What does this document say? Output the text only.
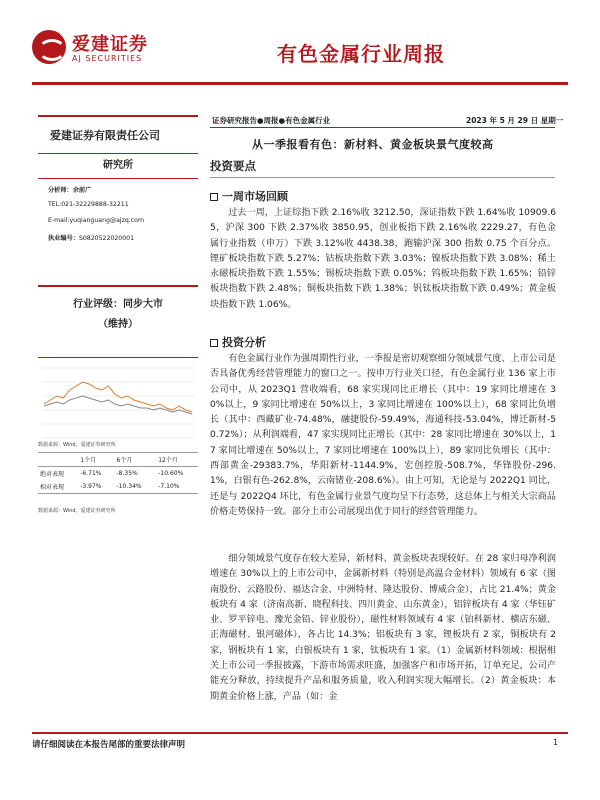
爱建证券
AJ SECURITIES	有色金属行业周报
证券研究报告●周报●有色金属行业	2023 年 5 月 29 日 星期一
从一季报看有色：新材料、黄金板块景气度较高
投资要点
爱建证券有限责任公司
研究所
分析师：余前广
TEL:021-32229888-32211
E-mail:yuqianguang@ajzq.com
执业编号：S0820522020001
行业评级：同步大市
（维持）
数据来源：Wind，爱建证券研究所
	1个月	6个月	12个月
绝对表现	-6.71%	-8.35%	-10.60%
相对表现	-3.97%	-10.34%	-7.10%
数据来源：Wind，爱建证券研究所
一周市场回顾
过去一周，上证综指下跌 2.16%收 3212.50，深证指数下跌 1.64%收 10909.65，沪深 300 下跌 2.37%收 3850.95，创业板指下跌 2.16%收 2229.27，有色金属行业指数（申万）下跌 3.12%收 4438.38，跑输沪深 300 指数 0.75 个百分点。锂矿板块指数下跌 5.27%；钴板块指数下跌 3.03%；镍板块指数下跌 3.08%；稀土永磁板块指数下跌 1.55%；锡板块指数下跌 0.05%；钨板块指数下跌 1.65%；铅锌板块指数下跌 2.48%；铜板块指数下跌 1.38%；钒钛板块指数下跌 0.49%；黄金板块指数下跌 1.06%。
投资分析
有色金属行业作为强周期性行业，一季报是密切观察细分领域景气度、上市公司是否具备优秀经营管理能力的窗口之一。按申万行业关口径，有色金属行业 136 家上市公司中，从 2023Q1 营收端看，68 家实现同比正增长（其中：19 家同比增速在 30%以上，9 家同比增速在 50%以上，3 家同比增速在 100%以上），68 家同比负增长（其中：西藏矿业-74.48%，融捷股份-59.49%，海通科技-53.04%，博迁新材-50.72%）；从利润端看，47 家实现同比正增长（其中：28 家同比增速在 30%以上，17 家同比增速在 50%以上，7 家同比增速在 100%以上），89 家同比负增长（其中：西部黄金-29383.7%，华阳新材-1144.9%，宏创控股-508.7%，华锋股份-296.1%，白银有色-262.8%，云南锗业-208.6%）。由上可知，无论是与 2022Q1 同比，还是与 2022Q4 环比，有色金属行业景气度均呈下行态势，这总体上与相关大宗商品价格走势保持一致。部分上市公司展现出优于同行的经营管理能力。
细分领域景气度存在较大差异，新材料、黄金板块表现较好。在 28 家归母净利润增速在 30%以上的上市公司中，金属新材料（特别是高温合金材料）领域有 6 家（图南股份、云路股份、福达合金、中洲特材、隆达股份、博威合金），占比 21.4%；黄金板块有 4 家（济南高新、晓程科技、四川黄金、山东黄金），铝锌板块有 4 家（华钰矿业、罗平锌电、豫光金铅、锌业股份），磁性材料领域有 4 家（铂科新材、横店东磁、正海磁材、银河磁体），各占比 14.3%；铝板块有 3 家，锂板块有 2 家，铜板块有 2 家，钢板块有 1 家，白银板块有 1 家，钛板块有 1 家。（1）金属新材料领域：根据相关上市公司一季报披露，下游市场需求旺盛，加强客户和市场开拓，订单充足，公司产能充分释放，持续提升产品和服务质量，收入利润实现大幅增长。（2）黄金板块：本期黄金价格上涨，产品（如：金
请仔细阅读在本报告尾部的重要法律声明	1
